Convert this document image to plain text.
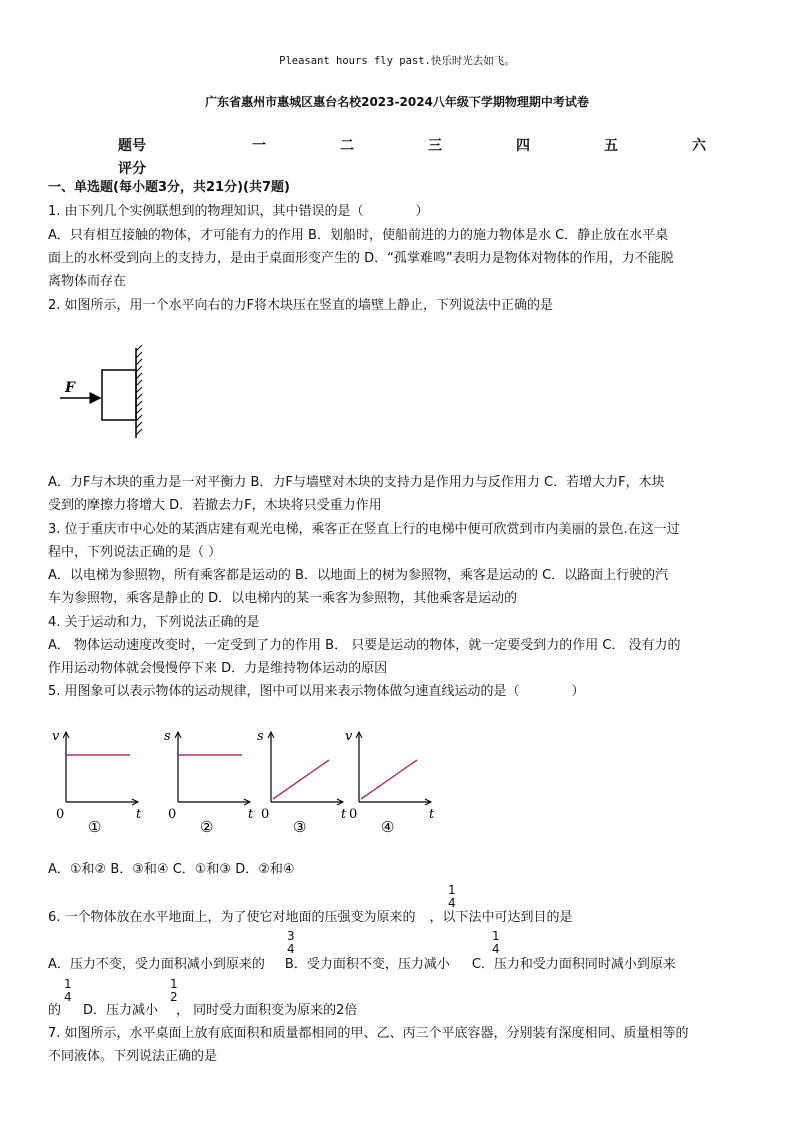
Pleasant hours fly past.快乐时光去如飞。
广东省惠州市惠城区惠台名校2023-2024八年级下学期物理期中考试卷
题号	一	二	三	四	五	六
评分
一、单选题(每小题3分，共21分)(共7题)
1. 由下列几个实例联想到的物理知识，其中错误的是（　　　　）
A．只有相互接触的物体，才可能有力的作用 B．划船时，使船前进的力的施力物体是水 C．静止放在水平桌
面上的水杯受到向上的支持力，是由于桌面形变产生的 D．“孤掌难鸣”表明力是物体对物体的作用，力不能脱
离物体而存在
2. 如图所示，用一个水平向右的力F将木块压在竖直的墙壁上静止，下列说法中正确的是
F
A．力F与木块的重力是一对平衡力 B．力F与墙壁对木块的支持力是作用力与反作用力 C．若增大力F，木块
受到的摩擦力将增大 D．若撤去力F，木块将只受重力作用
3. 位于重庆市中心处的某酒店建有观光电梯，乘客正在竖直上行的电梯中便可欣赏到市内美丽的景色.在这一过
程中，下列说法正确的是（ ）
A．以电梯为参照物，所有乘客都是运动的 B．以地面上的树为参照物，乘客是运动的 C．以路面上行驶的汽
车为参照物，乘客是静止的 D．以电梯内的某一乘客为参照物，其他乘客是运动的
4. 关于运动和力，下列说法正确的是
A． 物体运动速度改变时，一定受到了力的作用 B． 只要是运动的物体，就一定要受到力的作用 C． 没有力的
作用运动物体就会慢慢停下来 D．力是维持物体运动的原因
5. 用图象可以表示物体的运动规律，图中可以用来表示物体做匀速直线运动的是（　　　　）
v
t
0
①
s
t
0
②
s
t
0
③
v
t
0
④
A．①和② B．③和④ C．①和③ D．②和④
1
4
6. 一个物体放在水平地面上，为了使它对地面的压强变为原来的 ，以下法中可达到目的是
3
4
1
4
A．压力不变，受力面积减小到原来的 B．受力面积不变，压力减小 C．压力和受力面积同时减小到原来
1
4
1
2
的 D．压力减小 ， 同时受力面积变为原来的2倍
7. 如图所示，水平桌面上放有底面积和质量都相同的甲、乙、丙三个平底容器，分别装有深度相同、质量相等的
不同液体。下列说法正确的是
